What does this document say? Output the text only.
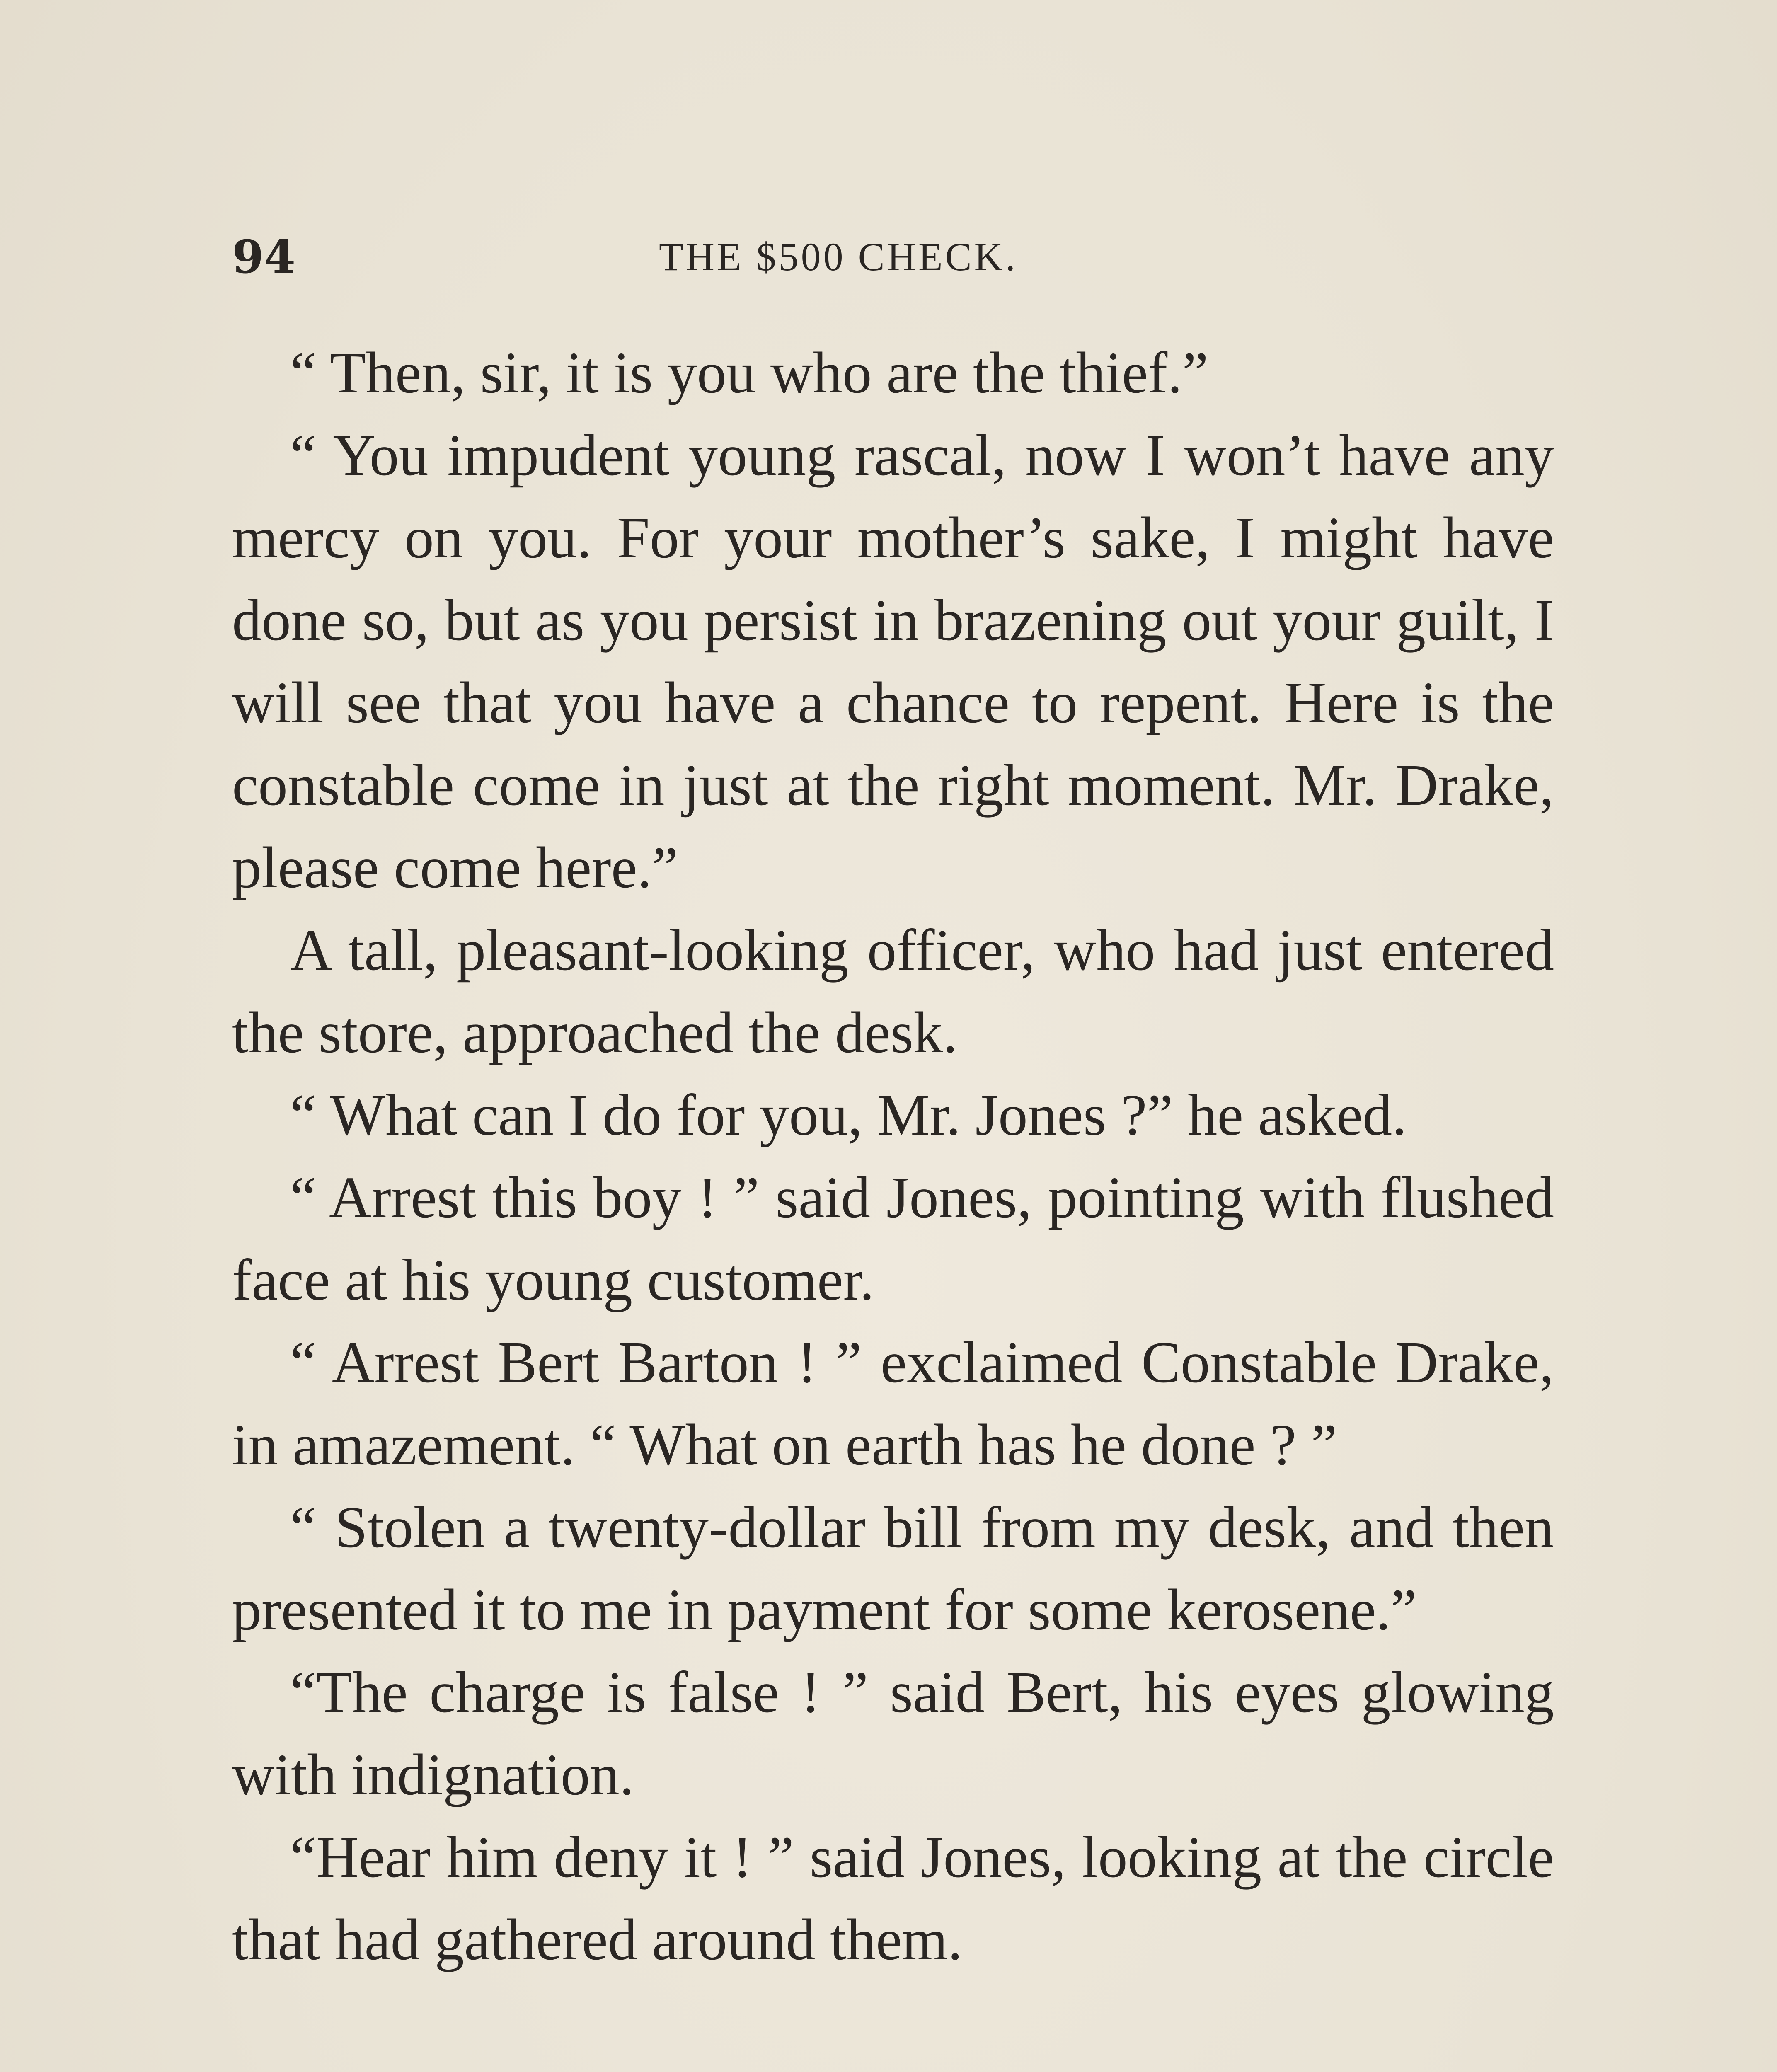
94	THE $500 CHECK.

“ Then, sir, it is you who are the thief.”

“ You impudent young rascal, now I won’t have any mercy on you. For your mother’s sake, I might have done so, but as you persist in brazening out your guilt, I will see that you have a chance to repent. Here is the constable come in just at the right moment. Mr. Drake, please come here.”

A tall, pleasant-looking officer, who had just entered the store, approached the desk.

“ What can I do for you, Mr. Jones ?” he asked.

“ Arrest this boy ! ” said Jones, pointing with flushed face at his young customer.

“ Arrest Bert Barton ! ” exclaimed Constable Drake, in amazement. “ What on earth has he done ? ”

“ Stolen a twenty-dollar bill from my desk, and then presented it to me in payment for some kerosene.”

“The charge is false ! ” said Bert, his eyes glowing with indignation.

“Hear him deny it ! ” said Jones, looking at the circle that had gathered around them.
